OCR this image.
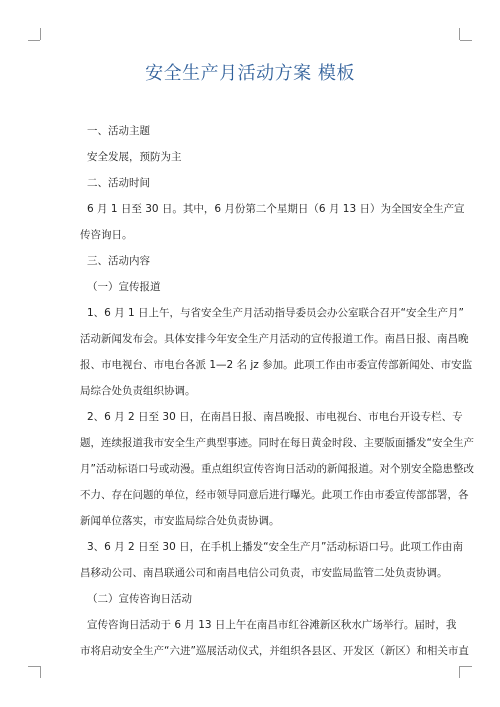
安全生产月活动方案 模板

一、活动主题

安全发展，预防为主

二、活动时间

6 月 1 日至 30 日。其中，6 月份第二个星期日（6 月 13 日）为全国安全生产宣

传咨询日。

三、活动内容

（一）宣传报道

1、6 月 1 日上午，与省安全生产月活动指导委员会办公室联合召开“安全生产月”

活动新闻发布会。具体安排今年安全生产月活动的宣传报道工作。南昌日报、南昌晚

报、市电视台、市电台各派 1—2 名 jz 参加。此项工作由市委宣传部新闻处、市安监

局综合处负责组织协调。

2、6 月 2 日至 30 日，在南昌日报、南昌晚报、市电视台、市电台开设专栏、专

题，连续报道我市安全生产典型事迹。同时在每日黄金时段、主要版面播发“安全生产

月”活动标语口号或动漫。重点组织宣传咨询日活动的新闻报道。对个别安全隐患整改

不力、存在问题的单位，经市领导同意后进行曝光。此项工作由市委宣传部部署，各

新闻单位落实，市安监局综合处负责协调。

3、6 月 2 日至 30 日，在手机上播发“安全生产月”活动标语口号。此项工作由南

昌移动公司、南昌联通公司和南昌电信公司负责，市安监局监管二处负责协调。

（二）宣传咨询日活动

宣传咨询日活动于 6 月 13 日上午在南昌市红谷滩新区秋水广场举行。届时，我

市将启动安全生产“六进”巡展活动仪式，并组织各县区、开发区（新区）和相关市直
